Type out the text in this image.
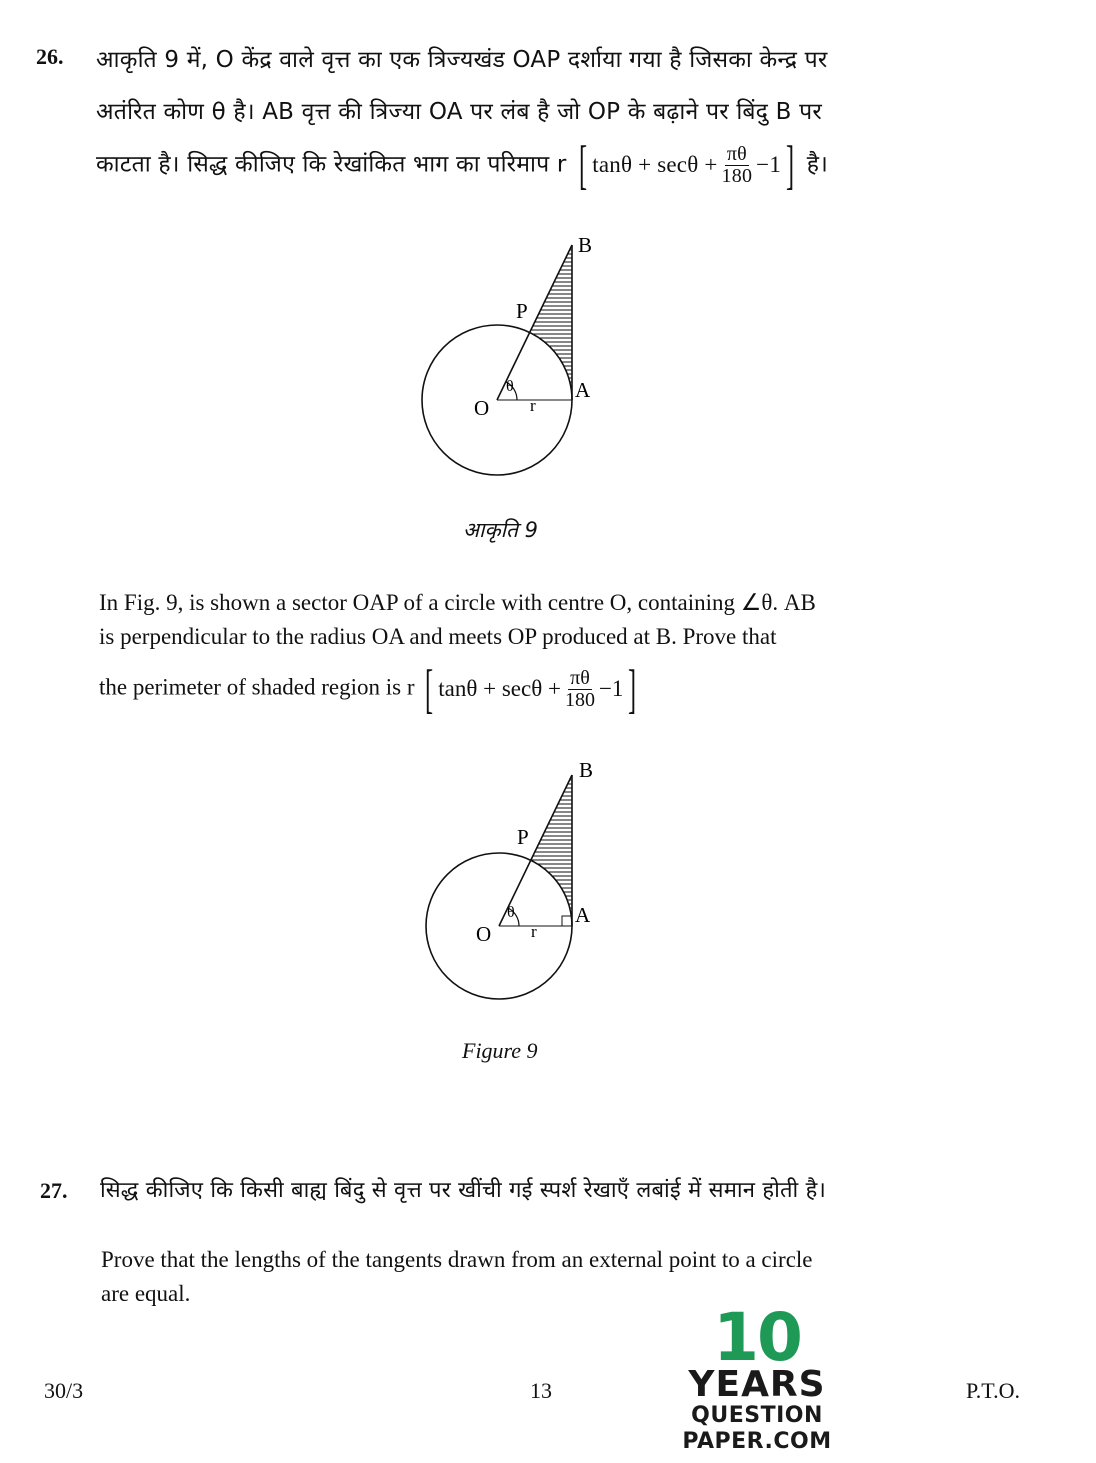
26. आकृति 9 में, O केंद्र वाले वृत्त का एक त्रिज्यखंड OAP दर्शाया गया है जिसका केन्द्र पर
अतंरित कोण θ है। AB वृत्त की त्रिज्या OA पर लंब है जो OP के बढ़ाने पर बिंदु B पर
काटता है। सिद्ध कीजिए कि रेखांकित भाग का परिमाप r [ $\tan\theta + \sec\theta + \frac{\pi\theta}{180} -1$ ] है।
θ
r
O
A
B
P
आकृति 9
In Fig. 9, is shown a sector OAP of a circle with centre O, containing ∠θ. AB
is perpendicular to the radius OA and meets OP produced at B. Prove that
the perimeter of shaded region is r [ $\tan\theta + \sec\theta + \frac{\pi\theta}{180} -1$ ]
θ
r
O
A
B
P
Figure 9
27. सिद्ध कीजिए कि किसी बाह्य बिंदु से वृत्त पर खींची गई स्पर्श रेखाएँ लबांई में समान होती है।
Prove that the lengths of the tangents drawn from an external point to a circle
are equal.
30/3	13	P.T.O.
10
YEARS
QUESTION PAPER.COM
